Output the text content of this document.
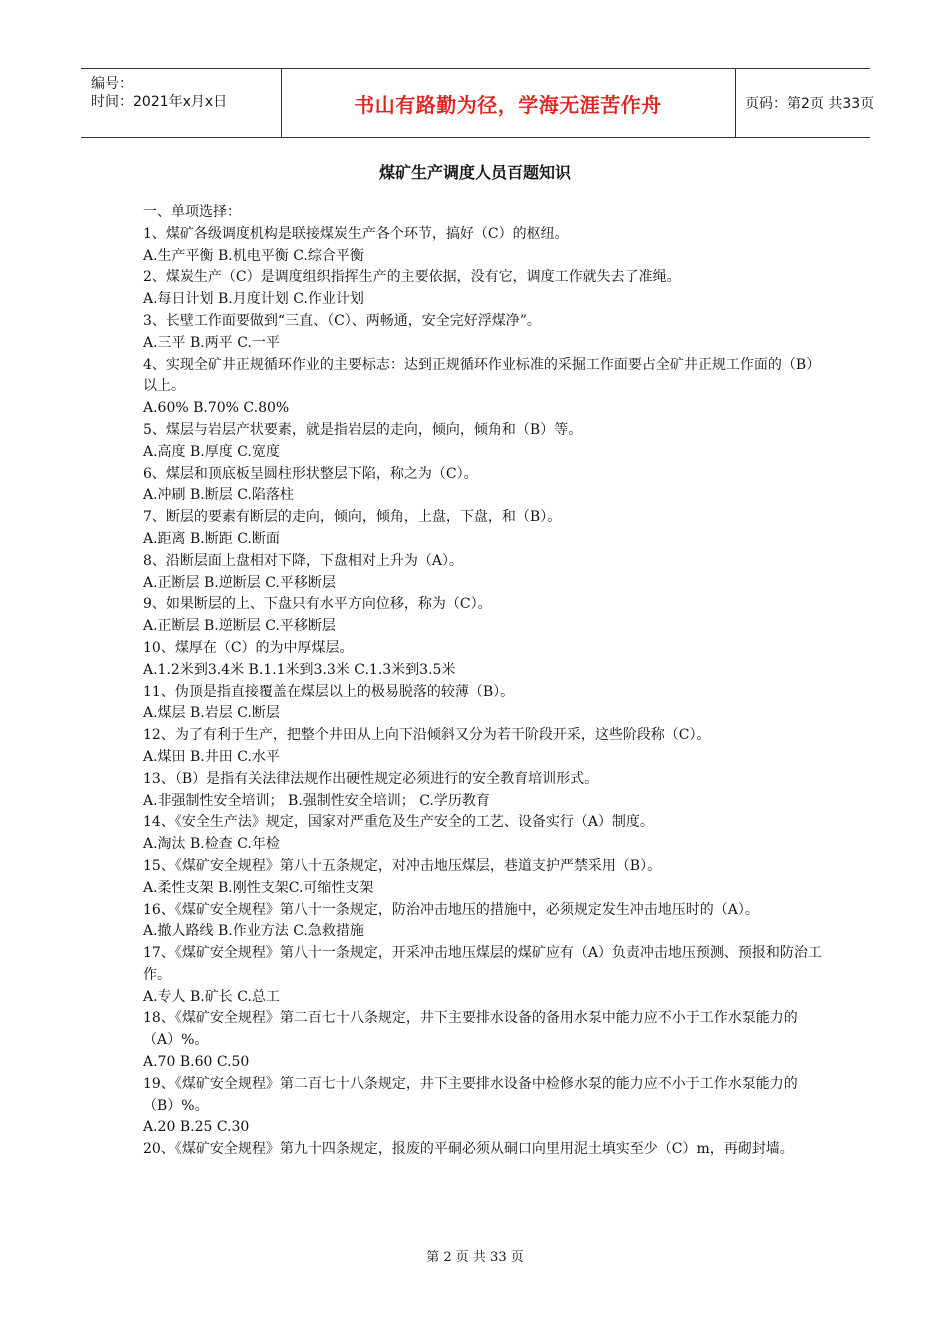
编号：
时间：2021年x月x日	书山有路勤为径，学海无涯苦作舟	页码：第2页 共33页
煤矿生产调度人员百题知识
一、单项选择：
1、煤矿各级调度机构是联接煤炭生产各个环节，搞好（C）的枢纽。
A.生产平衡 B.机电平衡 C.综合平衡
2、煤炭生产（C）是调度组织指挥生产的主要依据，没有它，调度工作就失去了准绳。
A.每日计划 B.月度计划 C.作业计划
3、长壁工作面要做到“三直、（C）、两畅通，安全完好浮煤净”。
A.三平 B.两平 C.一平
4、实现全矿井正规循环作业的主要标志：达到正规循环作业标准的采掘工作面要占全矿井正规工作面的（B）以上。
A.60% B.70% C.80%
5、煤层与岩层产状要素，就是指岩层的走向，倾向，倾角和（B）等。
A.高度 B.厚度 C.宽度
6、煤层和顶底板呈圆柱形状整层下陷，称之为（C）。
A.冲刷 B.断层 C.陷落柱
7、断层的要素有断层的走向，倾向，倾角，上盘，下盘，和（B）。
A.距离 B.断距 C.断面
8、沿断层面上盘相对下降，下盘相对上升为（A）。
A.正断层 B.逆断层 C.平移断层
9、如果断层的上、下盘只有水平方向位移，称为（C）。
A.正断层 B.逆断层 C.平移断层
10、煤厚在（C）的为中厚煤层。
A.1.2米到3.4米 B.1.1米到3.3米 C.1.3米到3.5米
11、伪顶是指直接覆盖在煤层以上的极易脱落的较薄（B）。
A.煤层 B.岩层 C.断层
12、为了有利于生产，把整个井田从上向下沿倾斜又分为若干阶段开采，这些阶段称（C）。
A.煤田 B.井田 C.水平
13、（B）是指有关法律法规作出硬性规定必须进行的安全教育培训形式。
A.非强制性安全培训； B.强制性安全培训； C.学历教育
14、《安全生产法》规定，国家对严重危及生产安全的工艺、设备实行（A）制度。
A.淘汰 B.检查 C.年检
15、《煤矿安全规程》第八十五条规定，对冲击地压煤层，巷道支护严禁采用（B）。
A.柔性支架 B.刚性支架C.可缩性支架
16、《煤矿安全规程》第八十一条规定，防治冲击地压的措施中，必须规定发生冲击地压时的（A）。
A.撤人路线 B.作业方法 C.急救措施
17、《煤矿安全规程》第八十一条规定，开采冲击地压煤层的煤矿应有（A）负责冲击地压预测、预报和防治工作。
A.专人 B.矿长 C.总工
18、《煤矿安全规程》第二百七十八条规定，井下主要排水设备的备用水泵中能力应不小于工作水泵能力的（A）%。
A.70 B.60 C.50
19、《煤矿安全规程》第二百七十八条规定，井下主要排水设备中检修水泵的能力应不小于工作水泵能力的（B）%。
A.20 B.25 C.30
20、《煤矿安全规程》第九十四条规定，报废的平硐必须从硐口向里用泥土填实至少（C）m，再砌封墙。
第 2 页 共 33 页
